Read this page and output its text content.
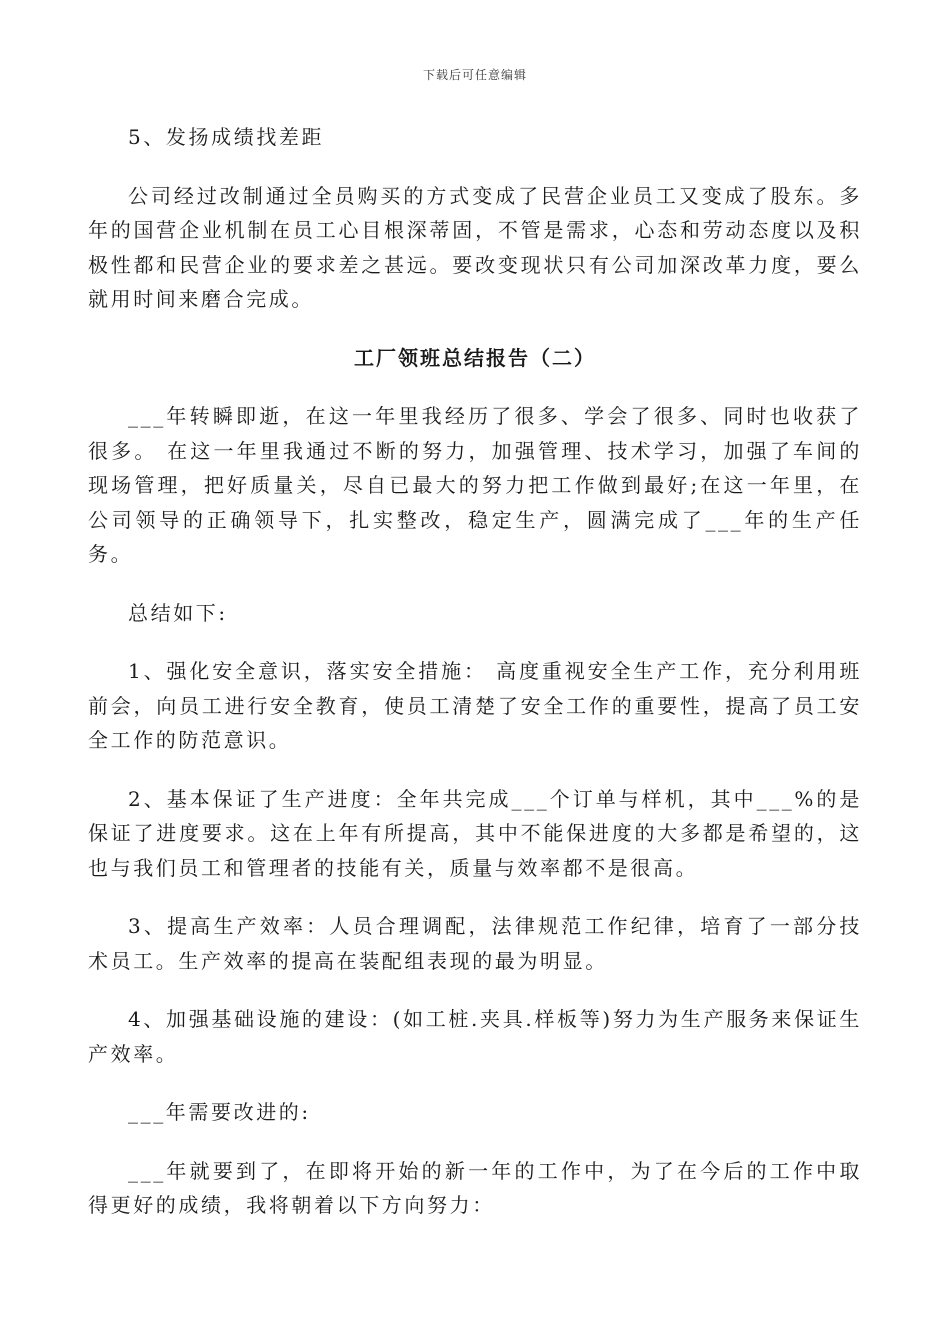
下载后可任意编辑

5、发扬成绩找差距

公司经过改制通过全员购买的方式变成了民营企业员工又变成了股东。多年的国营企业机制在员工心目根深蒂固，不管是需求，心态和劳动态度以及积极性都和民营企业的要求差之甚远。要改变现状只有公司加深改革力度，要么就用时间来磨合完成。

工厂领班总结报告（二）

___年转瞬即逝，在这一年里我经历了很多、学会了很多、同时也收获了很多。 在这一年里我通过不断的努力，加强管理、技术学习，加强了车间的现场管理，把好质量关，尽自已最大的努力把工作做到最好;在这一年里，在公司领导的正确领导下，扎实整改，稳定生产，圆满完成了___年的生产任务。

总结如下:

1、强化安全意识，落实安全措施： 高度重视安全生产工作，充分利用班前会，向员工进行安全教育，使员工清楚了安全工作的重要性，提高了员工安全工作的防范意识。

2、基本保证了生产进度：全年共完成___个订单与样机，其中___%的是保证了进度要求。这在上年有所提高，其中不能保进度的大多都是希望的，这也与我们员工和管理者的技能有关，质量与效率都不是很高。

3、提高生产效率：人员合理调配，法律规范工作纪律，培育了一部分技术员工。生产效率的提高在装配组表现的最为明显。

4、加强基础设施的建设：(如工桩.夹具.样板等)努力为生产服务来保证生产效率。

___年需要改进的:

___年就要到了，在即将开始的新一年的工作中，为了在今后的工作中取得更好的成绩，我将朝着以下方向努力：
